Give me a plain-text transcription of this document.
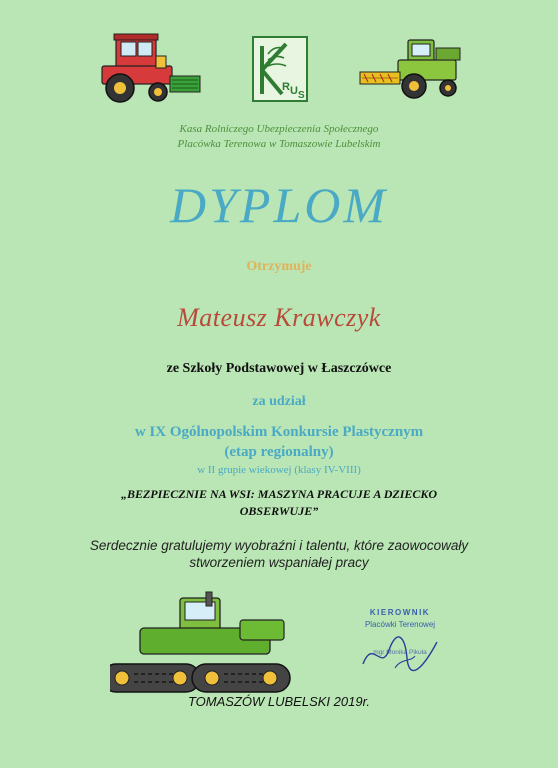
R U S
Kasa Rolniczego Ubezpieczenia Społecznego
Placówka Terenowa w Tomaszowie Lubelskim
DYPLOM
Otrzymuje
Mateusz Krawczyk
ze Szkoły Podstawowej w Łaszczówce
za udział
w IX Ogólnopolskim Konkursie Plastycznym
(etap regionalny)
w II grupie wiekowej (klasy IV-VIII)
„BEZPIECZNIE NA WSI: MASZYNA PRACUJE A DZIECKO
OBSERWUJE”
Serdecznie gratulujemy wyobraźni i talentu, które zaowocowały
stworzeniem wspaniałej pracy
KIEROWNIK
Placówki Terenowej
mgr Monika Pikuła
TOMASZÓW LUBELSKI 2019r.
